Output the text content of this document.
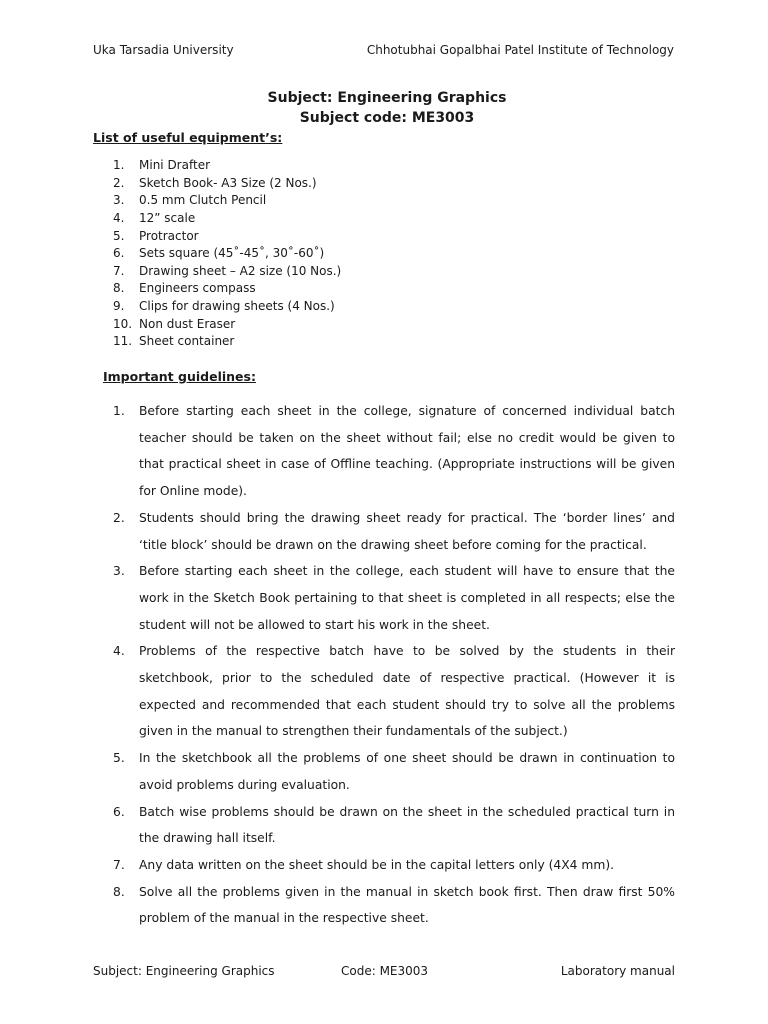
Uka Tarsadia University	Chhotubhai Gopalbhai Patel Institute of Technology
Subject: Engineering Graphics
Subject code: ME3003
List of useful equipment’s:
1. Mini Drafter
2. Sketch Book- A3 Size (2 Nos.)
3. 0.5 mm Clutch Pencil
4. 12” scale
5. Protractor
6. Sets square (45˚-45˚, 30˚-60˚)
7. Drawing sheet – A2 size (10 Nos.)
8. Engineers compass
9. Clips for drawing sheets (4 Nos.)
10. Non dust Eraser
11. Sheet container
Important guidelines:
1. Before starting each sheet in the college, signature of concerned individual batch teacher should be taken on the sheet without fail; else no credit would be given to that practical sheet in case of Offline teaching. (Appropriate instructions will be given for Online mode).
2. Students should bring the drawing sheet ready for practical. The ‘border lines’ and ‘title block’ should be drawn on the drawing sheet before coming for the practical.
3. Before starting each sheet in the college, each student will have to ensure that the work in the Sketch Book pertaining to that sheet is completed in all respects; else the student will not be allowed to start his work in the sheet.
4. Problems of the respective batch have to be solved by the students in their sketchbook, prior to the scheduled date of respective practical. (However it is expected and recommended that each student should try to solve all the problems given in the manual to strengthen their fundamentals of the subject.)
5. In the sketchbook all the problems of one sheet should be drawn in continuation to avoid problems during evaluation.
6. Batch wise problems should be drawn on the sheet in the scheduled practical turn in the drawing hall itself.
7. Any data written on the sheet should be in the capital letters only (4X4 mm).
8. Solve all the problems given in the manual in sketch book first. Then draw first 50% problem of the manual in the respective sheet.
Subject: Engineering Graphics	Code: ME3003	Laboratory manual
